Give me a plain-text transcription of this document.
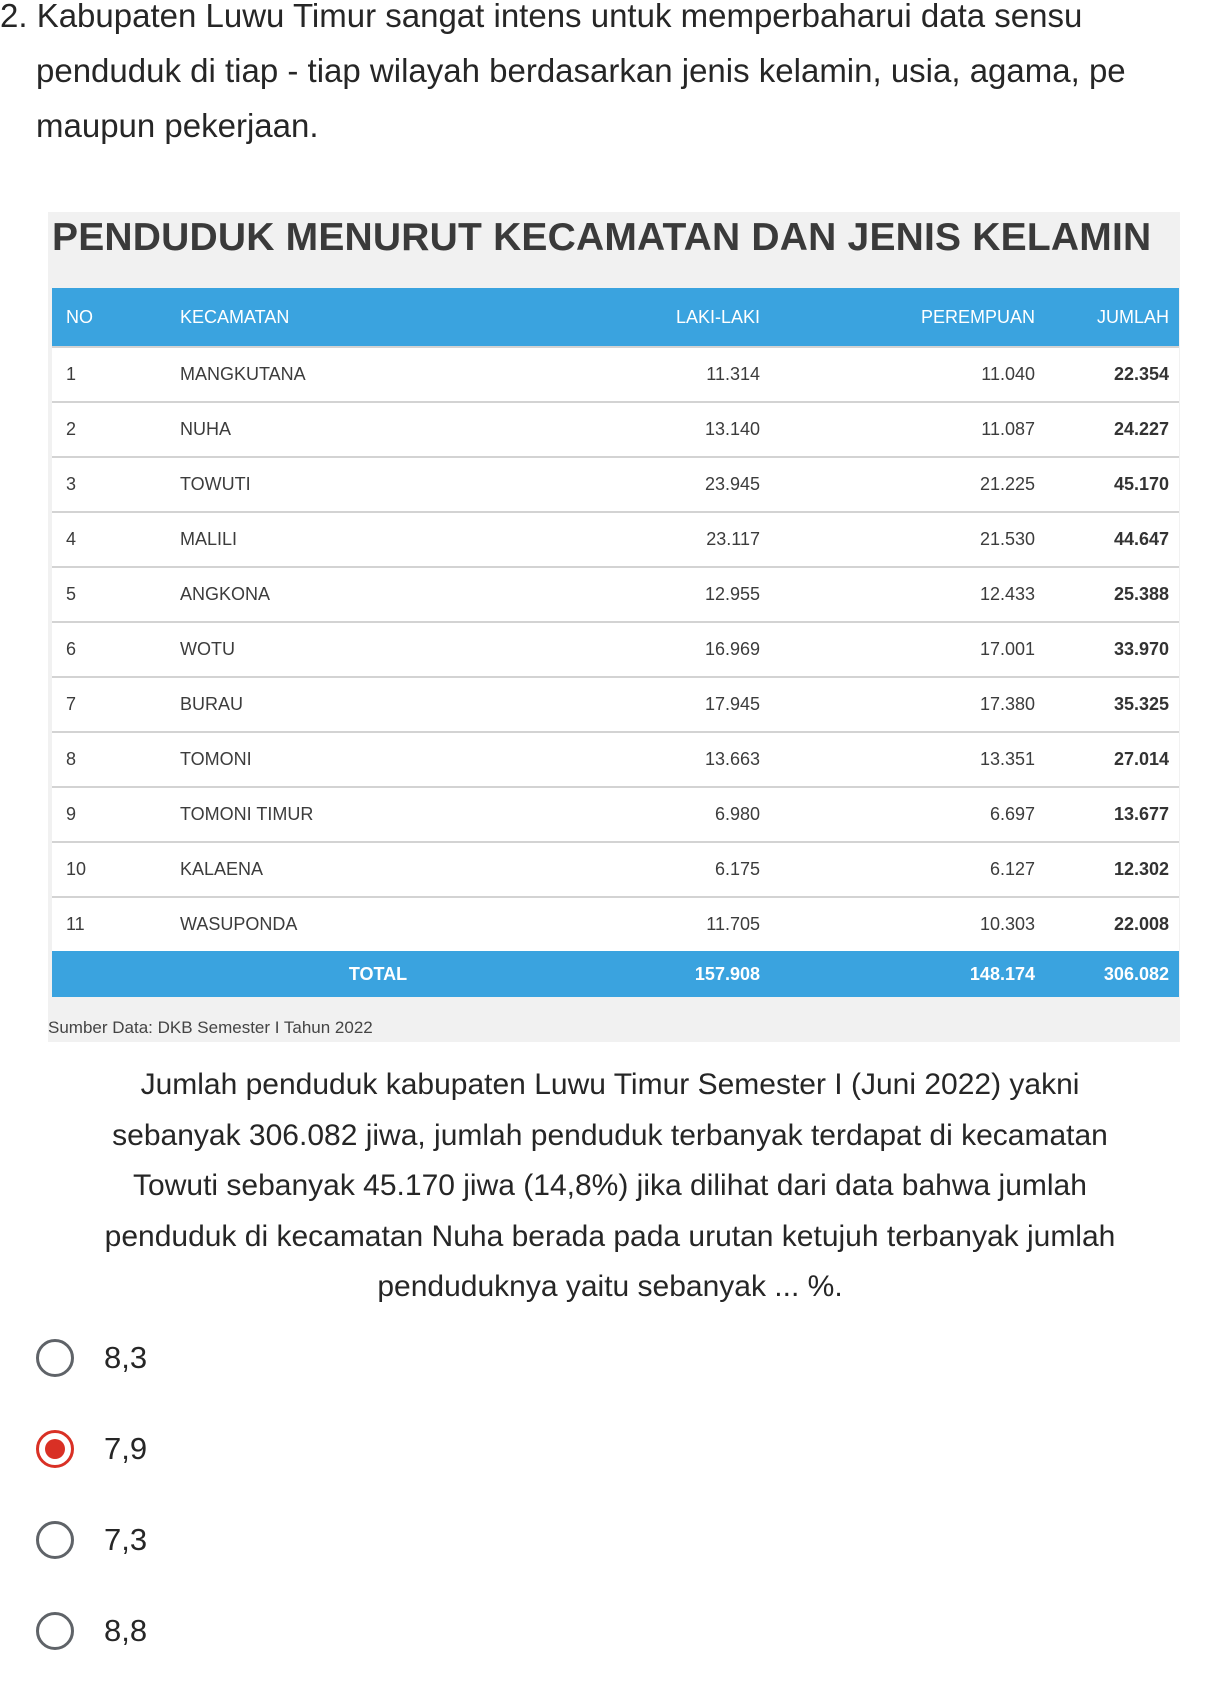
2. Kabupaten Luwu Timur sangat intens untuk memperbaharui data sensu
penduduk di tiap - tiap wilayah berdasarkan jenis kelamin, usia, agama, pe
maupun pekerjaan.
PENDUDUK MENURUT KECAMATAN DAN JENIS KELAMIN
NO	KECAMATAN	LAKI-LAKI	PEREMPUAN	JUMLAH
1	MANGKUTANA	11.314	11.040	22.354
2	NUHA	13.140	11.087	24.227
3	TOWUTI	23.945	21.225	45.170
4	MALILI	23.117	21.530	44.647
5	ANGKONA	12.955	12.433	25.388
6	WOTU	16.969	17.001	33.970
7	BURAU	17.945	17.380	35.325
8	TOMONI	13.663	13.351	27.014
9	TOMONI TIMUR	6.980	6.697	13.677
10	KALAENA	6.175	6.127	12.302
11	WASUPONDA	11.705	10.303	22.008
	TOTAL	157.908	148.174	306.082
Sumber Data: DKB Semester I Tahun 2022
Jumlah penduduk kabupaten Luwu Timur Semester I (Juni 2022) yakni
sebanyak 306.082 jiwa, jumlah penduduk terbanyak terdapat di kecamatan
Towuti sebanyak 45.170 jiwa (14,8%) jika dilihat dari data bahwa jumlah
penduduk di kecamatan Nuha berada pada urutan ketujuh terbanyak jumlah
penduduknya yaitu sebanyak ... %.
8,3
7,9
7,3
8,8
